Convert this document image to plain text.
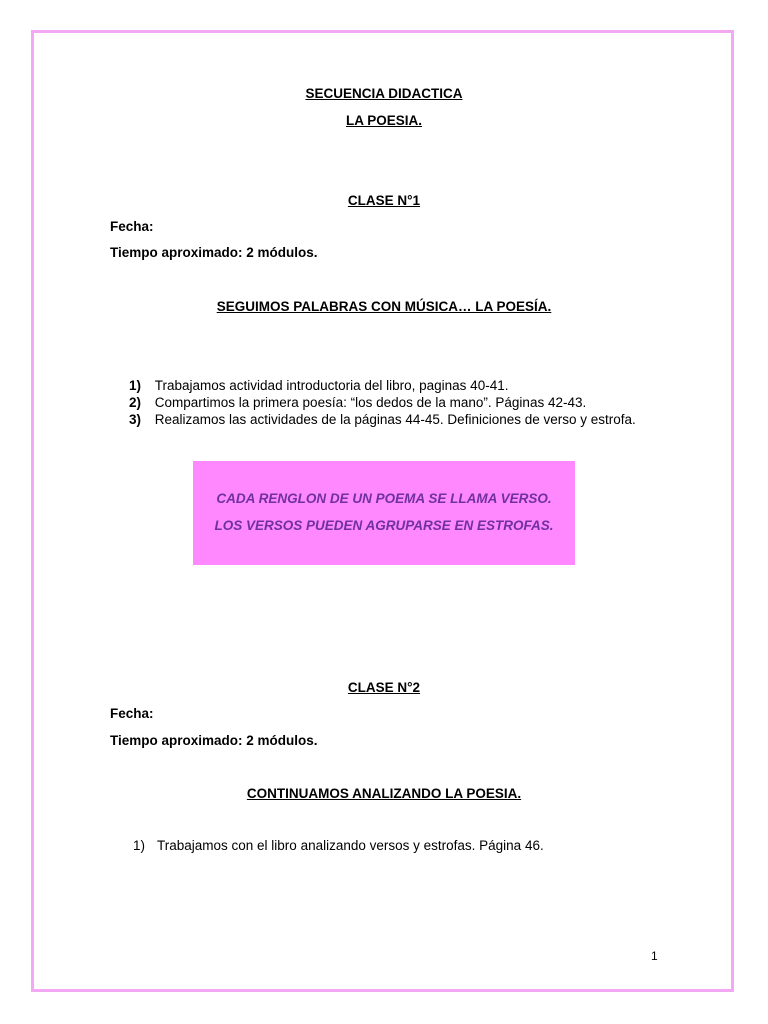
SECUENCIA DIDACTICA
LA POESIA.
CLASE N°1
Fecha:
Tiempo aproximado: 2 módulos.
SEGUIMOS PALABRAS CON MÚSICA… LA POESÍA.
1) Trabajamos actividad introductoria del libro, paginas 40-41.
2) Compartimos la primera poesía: “los dedos de la mano”. Páginas 42-43.
3) Realizamos las actividades de la páginas 44-45. Definiciones de verso y estrofa.
CADA RENGLON DE UN POEMA SE LLAMA VERSO.
LOS VERSOS PUEDEN AGRUPARSE EN ESTROFAS.
CLASE N°2
Fecha:
Tiempo aproximado: 2 módulos.
CONTINUAMOS ANALIZANDO LA POESIA.
1) Trabajamos con el libro analizando versos y estrofas. Página 46.
1
